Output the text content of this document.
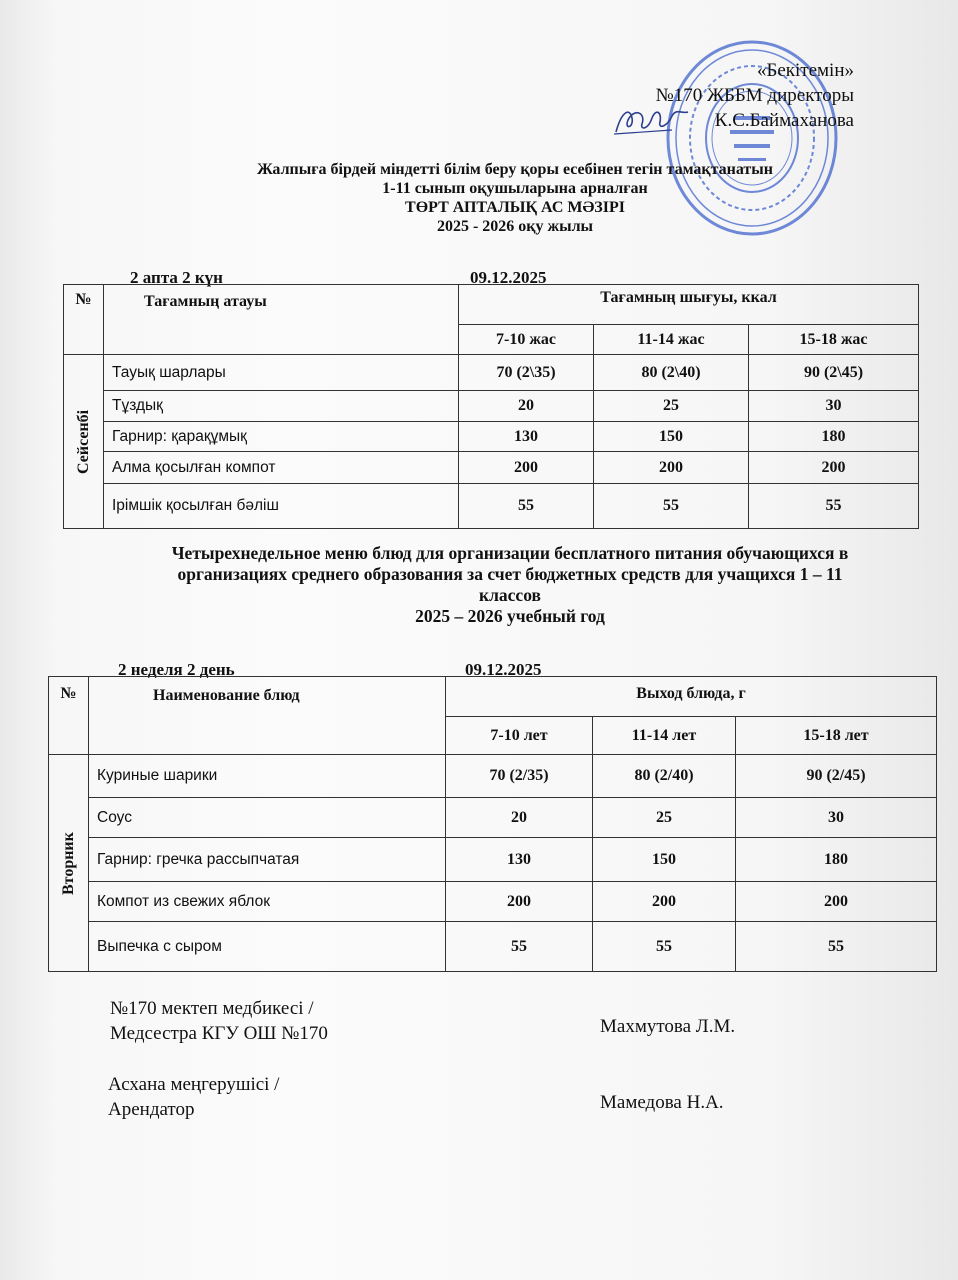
«Бекітемін»
№170 ЖББМ директоры
К.С.Баймаханова
Жалпыға бірдей міндетті білім беру қоры есебінен тегін тамақтанатын
1-11 сынып оқушыларына арналған
ТӨРТ АПТАЛЫҚ АС МӘЗІРІ
2025 - 2026 оқу жылы
2 апта 2 күн	09.12.2025
№	Тағамның атауы	Тағамның шығуы, ккал		
		7-10 жас	11-14 жас	15-18 жас
Сейсенбі	Тауық шарлары	70 (2\35)	80 (2\40)	90 (2\45)
	Тұздық	20	25	30
	Гарнир: қарақұмық	130	150	180
	Алма қосылған компот	200	200	200
	Ірімшік қосылған бәліш	55	55	55
Четырехнедельное меню блюд для организации бесплатного питания обучающихся в
организациях среднего образования за счет бюджетных средств для учащихся 1 – 11
классов
2025 – 2026 учебный год
2 неделя 2 день	09.12.2025
№	Наименование блюд	Выход блюда, г		
		7-10 лет	11-14 лет	15-18 лет
Вторник	Куриные шарики	70 (2/35)	80 (2/40)	90 (2/45)
	Соус	20	25	30
	Гарнир: гречка рассыпчатая	130	150	180
	Компот из свежих яблок	200	200	200
	Выпечка с сыром	55	55	55
№170 мектеп медбикесі /
Медсестра КГУ ОШ №170	Махмутова Л.М.
Асхана меңгерушісі /
Арендатор	Мамедова Н.А.
